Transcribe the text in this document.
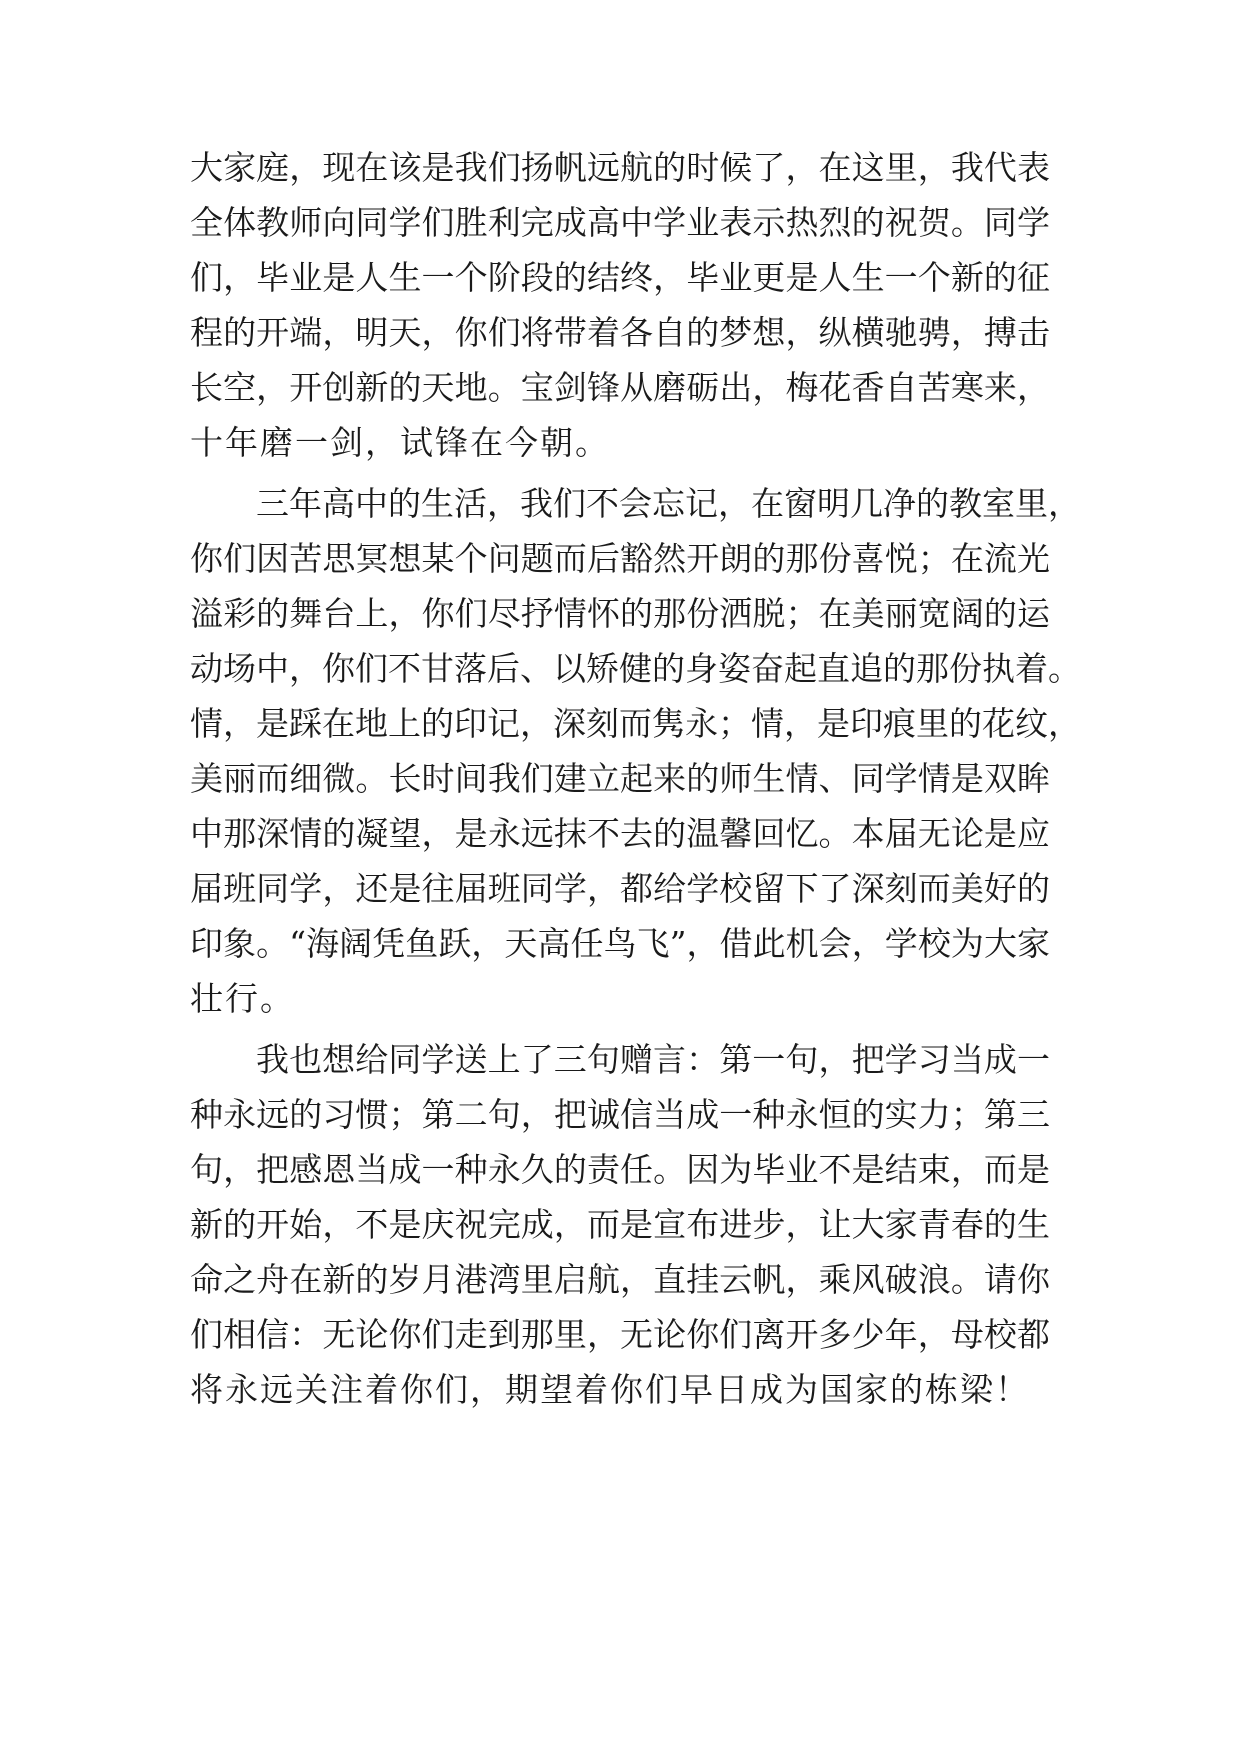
大家庭，现在该是我们扬帆远航的时候了，在这里，我代表
全体教师向同学们胜利完成高中学业表示热烈的祝贺。同学
们，毕业是人生一个阶段的结终，毕业更是人生一个新的征
程的开端，明天，你们将带着各自的梦想，纵横驰骋，搏击
长空，开创新的天地。宝剑锋从磨砺出，梅花香自苦寒来，
十年磨一剑，试锋在今朝。
三年高中的生活，我们不会忘记，在窗明几净的教室里，
你们因苦思冥想某个问题而后豁然开朗的那份喜悦；在流光
溢彩的舞台上，你们尽抒情怀的那份洒脱；在美丽宽阔的运
动场中，你们不甘落后、以矫健的身姿奋起直追的那份执着。
情，是踩在地上的印记，深刻而隽永；情，是印痕里的花纹，
美丽而细微。长时间我们建立起来的师生情、同学情是双眸
中那深情的凝望，是永远抹不去的温馨回忆。本届无论是应
届班同学，还是往届班同学，都给学校留下了深刻而美好的
印象。“海阔凭鱼跃，天高任鸟飞”，借此机会，学校为大家
壮行。
我也想给同学送上了三句赠言：第一句，把学习当成一
种永远的习惯；第二句，把诚信当成一种永恒的实力；第三
句，把感恩当成一种永久的责任。因为毕业不是结束，而是
新的开始，不是庆祝完成，而是宣布进步，让大家青春的生
命之舟在新的岁月港湾里启航，直挂云帆，乘风破浪。请你
们相信：无论你们走到那里，无论你们离开多少年，母校都
将永远关注着你们，期望着你们早日成为国家的栋梁！
